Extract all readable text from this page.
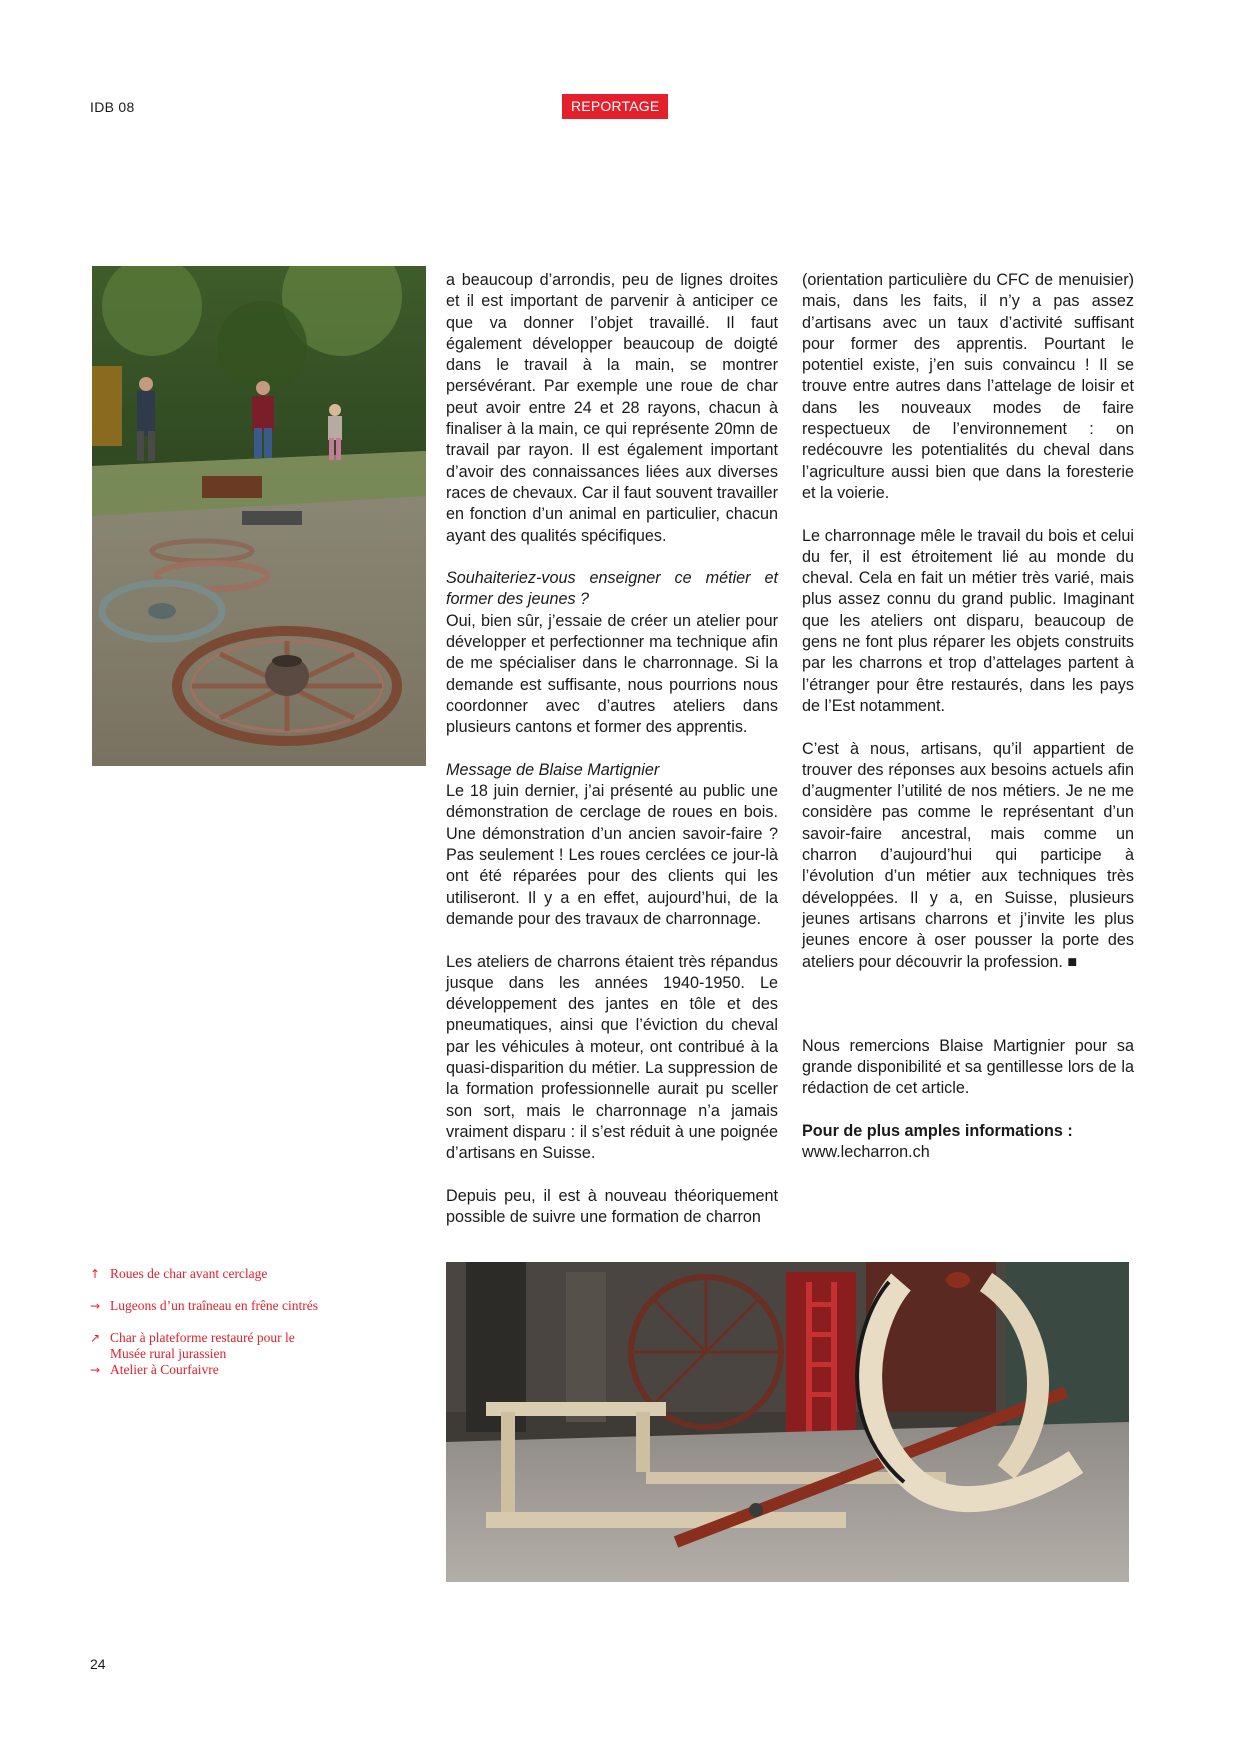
IDB 08	REPORTAGE

a beaucoup d’arrondis, peu de lignes droites et il est important de parvenir à anticiper ce que va donner l’objet travaillé. Il faut également développer beaucoup de doigté dans le travail à la main, se montrer persévérant. Par exemple une roue de char peut avoir entre 24 et 28 rayons, chacun à finaliser à la main, ce qui représente 20mn de travail par rayon. Il est également important d’avoir des connaissances liées aux diverses races de chevaux. Car il faut souvent travailler en fonction d’un animal en particulier, chacun ayant des qualités spécifiques.

Souhaiteriez-vous enseigner ce métier et former des jeunes ?

Oui, bien sûr, j’essaie de créer un atelier pour développer et perfectionner ma technique afin de me spécialiser dans le charronnage. Si la demande est suffisante, nous pourrions nous coordonner avec d’autres ateliers dans plusieurs cantons et former des apprentis.

Message de Blaise Martignier

Le 18 juin dernier, j’ai présenté au public une démonstration de cerclage de roues en bois. Une démonstration d’un ancien savoir-faire ? Pas seulement ! Les roues cerclées ce jour-là ont été réparées pour des clients qui les utiliseront. Il y a en effet, aujourd’hui, de la demande pour des travaux de charronnage.

Les ateliers de charrons étaient très répandus jusque dans les années 1940-1950. Le développement des jantes en tôle et des pneumatiques, ainsi que l’éviction du cheval par les véhicules à moteur, ont contribué à la quasi-disparition du métier. La suppression de la formation professionnelle aurait pu sceller son sort, mais le charronnage n’a jamais vraiment disparu : il s’est réduit à une poignée d’artisans en Suisse.

Depuis peu, il est à nouveau théoriquement possible de suivre une formation de charron

(orientation particulière du CFC de menuisier) mais, dans les faits, il n’y a pas assez d’artisans avec un taux d’activité suffisant pour former des apprentis. Pourtant le potentiel existe, j’en suis convaincu ! Il se trouve entre autres dans l’attelage de loisir et dans les nouveaux modes de faire respectueux de l’environnement : on redécouvre les potentialités du cheval dans l’agriculture aussi bien que dans la foresterie et la voierie.

Le charronnage mêle le travail du bois et celui du fer, il est étroitement lié au monde du cheval. Cela en fait un métier très varié, mais plus assez connu du grand public. Imaginant que les ateliers ont disparu, beaucoup de gens ne font plus réparer les objets construits par les charrons et trop d’attelages partent à l’étranger pour être restaurés, dans les pays de l’Est notamment.

C’est à nous, artisans, qu’il appartient de trouver des réponses aux besoins actuels afin d’augmenter l’utilité de nos métiers. Je ne me considère pas comme le représentant d’un savoir-faire ancestral, mais comme un charron d’aujourd’hui qui participe à l’évolution d’un métier aux techniques très développées. Il y a, en Suisse, plusieurs jeunes artisans charrons et j’invite les plus jeunes encore à oser pousser la porte des ateliers pour découvrir la profession. ■

Nous remercions Blaise Martignier pour sa grande disponibilité et sa gentillesse lors de la rédaction de cet article.

Pour de plus amples informations :

www.lecharron.ch

↑ Roues de char avant cerclage
→ Lugeons d’un traîneau en frêne cintrés
↗ Char à plateforme restauré pour le Musée rural jurassien
→ Atelier à Courfaivre
24
